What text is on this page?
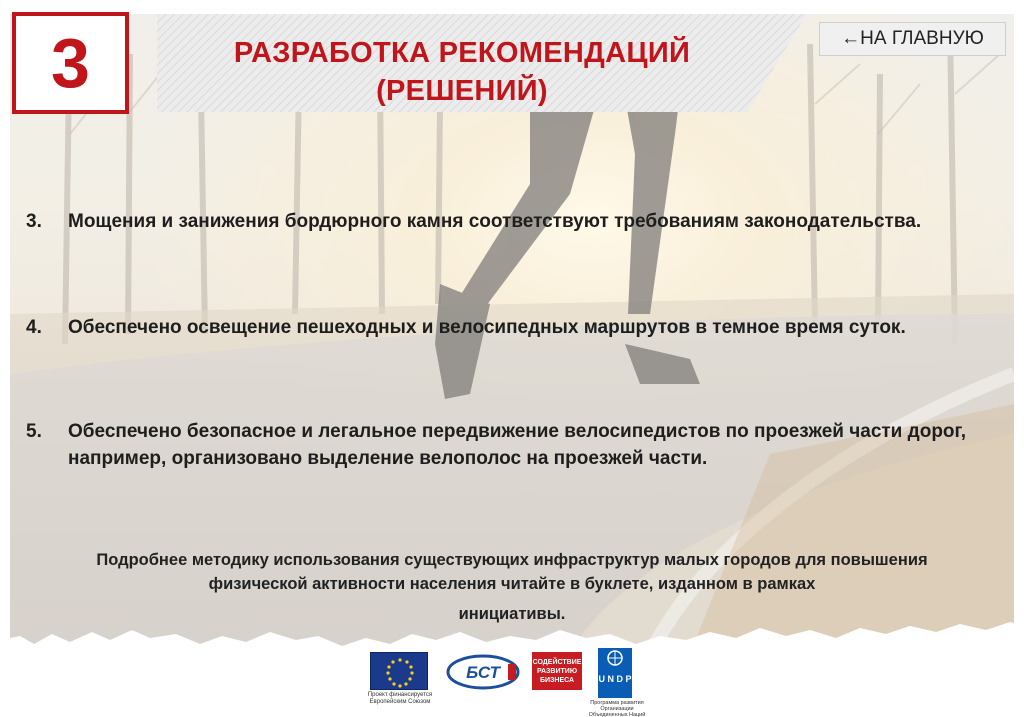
3	РАЗРАБОТКА РЕКОМЕНДАЦИЙ
(РЕШЕНИЙ)
←НА ГЛАВНУЮ
3.	Мощения и занижения бордюрного камня соответствуют требованиям законодательства.
4.	Обеспечено освещение пешеходных и велосипедных маршрутов в темное время суток.
5.	Обеспечено безопасное и легальное передвижение велосипедистов по проезжей части дорог, например, организовано выделение велополос на проезжей части.
Подробнее методику использования существующих инфраструктур малых городов для повышения физической активности населения читайте в буклете, изданном в рамках
инициативы.
Проект финансируется Европейским Союзом
БСТ
СОДЕЙСТВИЕ РАЗВИТИЮ БИЗНЕСА	U N D P
Программа развития Организации Объединенных Наций
